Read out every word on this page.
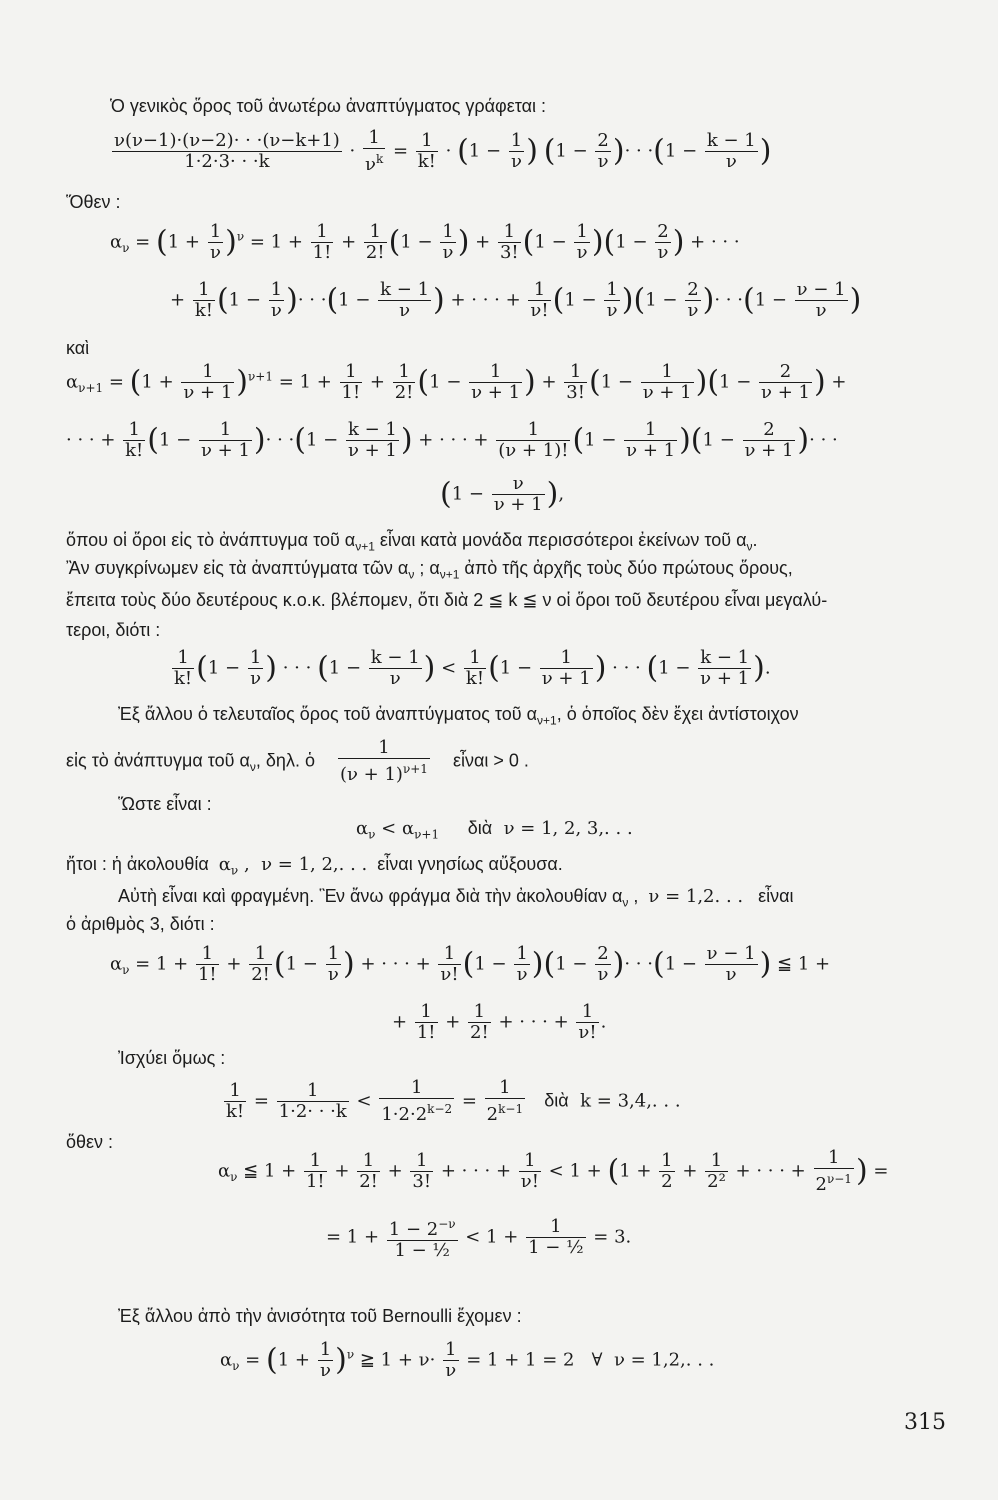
Ὁ γενικὸς ὅρος τοῦ ἀνωτέρω ἀναπτύγματος γράφεται :
$\frac{\nu(\nu-1)\cdot(\nu-2)\cdot \cdot \cdot(\nu-k+1)}{1\cdot 2\cdot 3\cdot \cdot \cdot k} \cdot \frac{1}{\nu^k} = \frac{1}{k!} \cdot (1 - \frac{1}{\nu}$ ) ($1 - \frac{2}{\nu}$ )· · $\cdot(1 - \frac{k - 1}{\nu}$ )
Ὅθεν :
$\alpha_\nu = (1 + \frac{1}{\nu} )^\nu = 1 + \frac{1}{1!} + \frac{1}{2!} (1 - \frac{1}{\nu}$ ) + $\frac{1}{3!} (1 - \frac{1}{\nu} )(1 - \frac{2}{\nu}$ ) + · · ·
+ $\frac{1}{k!} (1 - \frac{1}{\nu}$ )· · $\cdot(1 - \frac{k - 1}{\nu}$ ) + · · · + $\frac{1}{\nu!} (1 - \frac{1}{\nu} )(1 - \frac{2}{\nu}$ )· · $\cdot(1 - \frac{\nu - 1}{\nu}$ )
καὶ
$\alpha_{\nu+1} = (1 + \frac{1}{\nu + 1} )^{\nu+1} = 1 + \frac{1}{1!} + \frac{1}{2!} (1 - \frac{1}{\nu + 1}$ ) + $\frac{1}{3!} (1 - \frac{1}{\nu + 1} )(1 - \frac{2}{\nu + 1}$ ) +
· · · + $\frac{1}{k!} (1 - \frac{1}{\nu + 1}$ )· · $\cdot(1 - \frac{k - 1}{\nu + 1}$ ) + · · · + $\frac{1}{(\nu + 1)!} (1 - \frac{1}{\nu + 1} )(1 - \frac{2}{\nu + 1}$ )· · ·
($1 - \frac{\nu}{\nu + 1}$ ),
ὅπου οἱ ὅροι εἰς τὸ ἀνάπτυγμα τοῦ $\alpha_{\nu+1}$ εἶναι κατὰ μονάδα περισσότεροι ἐκείνων τοῦ $\alpha_\nu$.
Ἂν συγκρίνωμεν εἰς τὰ ἀναπτύγματα τῶν $\alpha_\nu$ ; $\alpha_{\nu+1}$ ἀπὸ τῆς ἀρχῆς τοὺς δύο πρώτους ὅρους,
ἔπειτα τοὺς δύο δευτέρους κ.ο.κ. βλέπομεν, ὅτι διὰ 2 ≦ k ≦ ν οἱ ὅροι τοῦ δευτέρου εἶναι μεγαλύ-
τεροι, διότι :
$\frac{1}{k!} (1 - \frac{1}{\nu}$ ) · · · ($1 - \frac{k - 1}{\nu}$ ) < $\frac{1}{k!} (1 - \frac{1}{\nu + 1}$ ) · · · ($1 - \frac{k - 1}{\nu + 1}$ ).
Ἐξ ἄλλου ὁ τελευταῖος ὅρος τοῦ ἀναπτύγματος τοῦ $\alpha_{\nu+1}$, ὁ ὁποῖος δὲν ἔχει ἀντίστοιχον
εἰς τὸ ἀνάπτυγμα τοῦ $\alpha_\nu$, δηλ. ὁ $\frac{1}{(\nu + 1)^{\nu+1}}$ εἶναι > 0 .
Ὥστε εἶναι :
$\alpha_\nu < \alpha_{\nu+1}$ διὰ ν = 1, 2, 3,. . .
ἤτοι : ἡ ἀκολουθία $\alpha_\nu$ ,  ν = 1, 2,. . . εἶναι γνησίως αὔξουσα.
Αὐτὴ εἶναι καὶ φραγμένη. Ἓν ἄνω φράγμα διὰ τὴν ἀκολουθίαν $\alpha_\nu$ ,  ν = 1,2. . . εἶναι
ὁ ἀριθμὸς 3, διότι :
$\alpha_\nu = 1 + \frac{1}{1!} + \frac{1}{2!} (1 - \frac{1}{\nu}$ ) + · · · + $\frac{1}{\nu!} (1 - \frac{1}{\nu} )(1 - \frac{2}{\nu}$ )· · $\cdot(1 - \frac{\nu - 1}{\nu}$ ) ≦ 1 +
+ $\frac{1}{1!} + \frac{1}{2!}$ + · · · + $\frac{1}{\nu!}$ .
Ἰσχύει ὅμως :
$\frac{1}{k!} = \frac{1}{1\cdot 2\cdot \cdot \cdot k} < \frac{1}{1\cdot 2\cdot 2^{k-2}} = \frac{1}{2^{k-1}}$ διὰ k = 3,4,. . .
ὅθεν :
$\alpha_\nu$ ≦ $1 + \frac{1}{1!} + \frac{1}{2!} + \frac{1}{3!}$ + · · · + $\frac{1}{\nu!} < 1 + (1 + \frac{1}{2} + \frac{1}{\text{2²}}$ + · · · + $\frac{1}{2^{\nu-1}}$ ) =
= $1 + \frac{1 - 2^{-\nu}}{\text{1 − ½}} < 1 + \frac{1}{\text{1 − ½}} = 3$.
Ἐξ ἄλλου ἀπὸ τὴν ἀνισότητα τοῦ Bernoulli ἔχομεν :
$\alpha_\nu = (1 + \frac{1}{\nu} )^\nu$ ≧ $1 + \nu\cdot \frac{1}{\nu} = 1 + 1 = 2$   ∀  ν = 1,2,. . .
315
